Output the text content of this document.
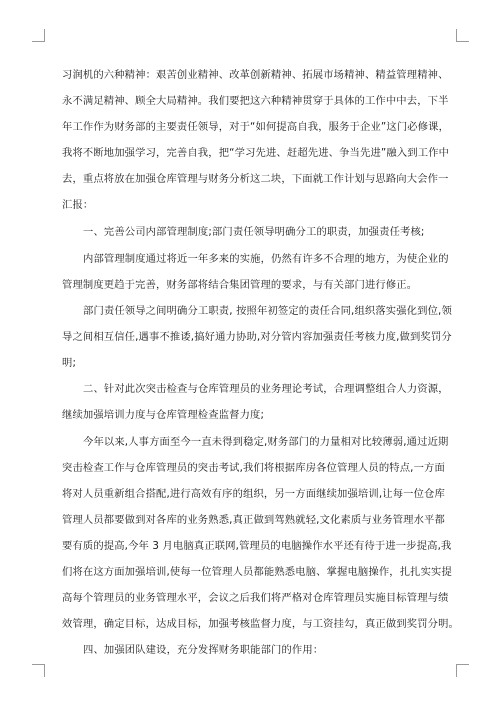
习润机的六种精神：艰苦创业精神、改革创新精神、拓展市场精神、精益管理精神、
永不满足精神、顾全大局精神。我们要把这六种精神贯穿于具体的工作中中去，下半
年工作作为财务部的主要责任领导，对于“如何提高自我，服务于企业”这门必修课，
我将不断地加强学习，完善自我，把“学习先进、赶超先进、争当先进”融入到工作中
去，重点将放在加强仓库管理与财务分析这二块，下面就工作计划与思路向大会作一
汇报：
一、完善公司内部管理制度;部门责任领导明确分工的职责，加强责任考核;
内部管理制度通过将近一年多来的实施，仍然有许多不合理的地方，为使企业的
管理制度更趋于完善，财务部将结合集团管理的要求，与有关部门进行修正。
部门责任领导之间明确分工职责, 按照年初签定的责任合同,组织落实强化到位,领
导之间相互信任,遇事不推诿,搞好通力协助,对分管内容加强责任考核力度,做到奖罚分
明;
二、针对此次突击检查与仓库管理员的业务理论考试，合理调整组合人力资源，
继续加强培训力度与仓库管理检查监督力度;
今年以来,人事方面至今一直未得到稳定,财务部门的力量相对比较薄弱,通过近期
突击检查工作与仓库管理员的突击考试,我们将根据库房各位管理人员的特点,一方面
将对人员重新组合搭配,进行高效有序的组织，另一方面继续加强培训,让每一位仓库
管理人员都要做到对各库的业务熟悉,真正做到驾熟就轻,文化素质与业务管理水平都
要有质的提高,今年 3 月电脑真正联网,管理员的电脑操作水平还有待于进一步提高,我
们将在这方面加强培训,使每一位管理人员都能熟悉电脑、掌握电脑操作，扎扎实实提
高每个管理员的业务管理水平，会议之后我们将严格对仓库管理员实施目标管理与绩
效管理，确定目标，达成目标，加强考核监督力度，与工资挂勾，真正做到奖罚分明。
四、加强团队建设，充分发挥财务职能部门的作用：
